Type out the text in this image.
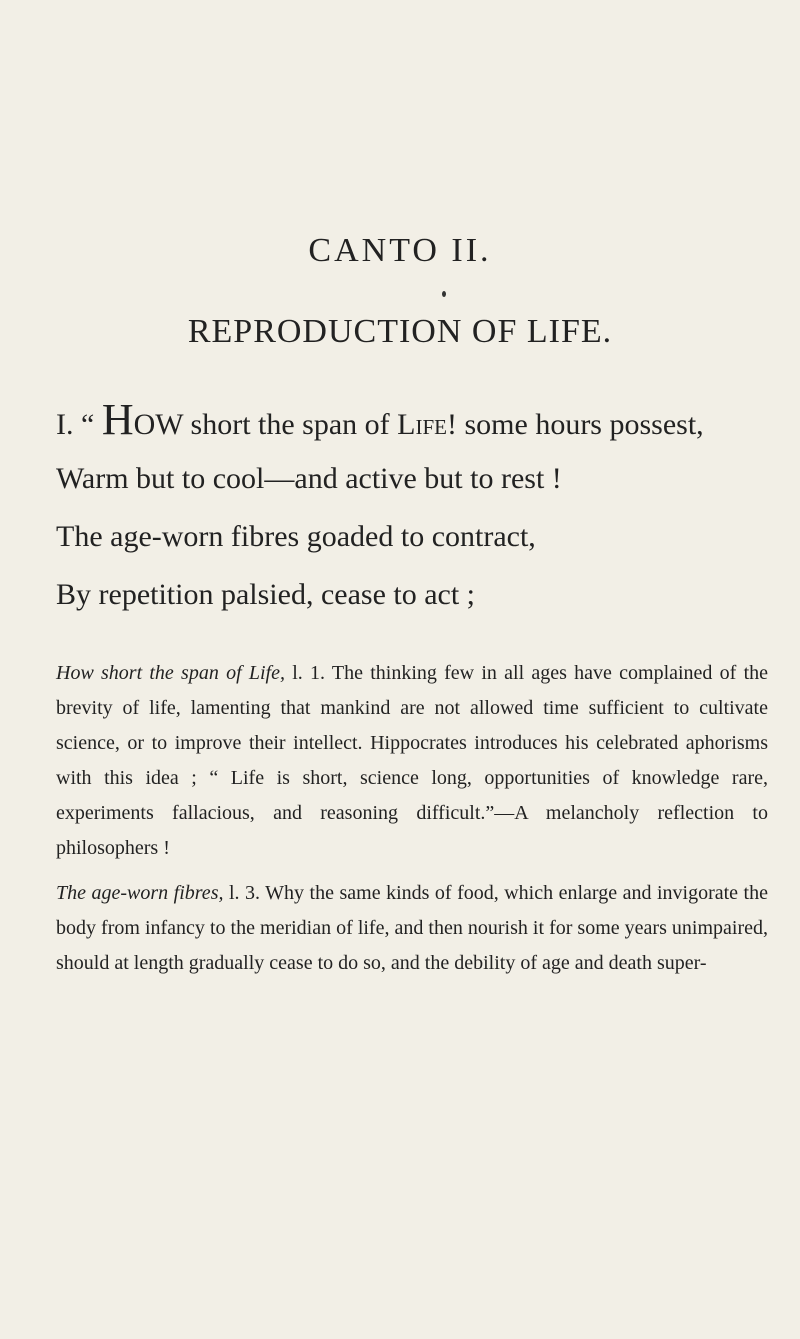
CANTO II.
REPRODUCTION OF LIFE.
I. “ HOW short the span of Life! some hours possest,
Warm but to cool—and active but to rest !
The age-worn fibres goaded to contract,
By repetition palsied, cease to act ;

How short the span of Life, l. 1. The thinking few in all ages have complained of the brevity of life, lamenting that mankind are not allowed time sufficient to cultivate science, or to improve their intellect. Hippocrates introduces his celebrated aphorisms with this idea ; “ Life is short, science long, opportunities of knowledge rare, experiments fallacious, and reasoning difficult.”—A melancholy reflection to philosophers !

The age-worn fibres, l. 3. Why the same kinds of food, which enlarge and invigorate the body from infancy to the meridian of life, and then nourish it for some years unimpaired, should at length gradually cease to do so, and the debility of age and death super-
